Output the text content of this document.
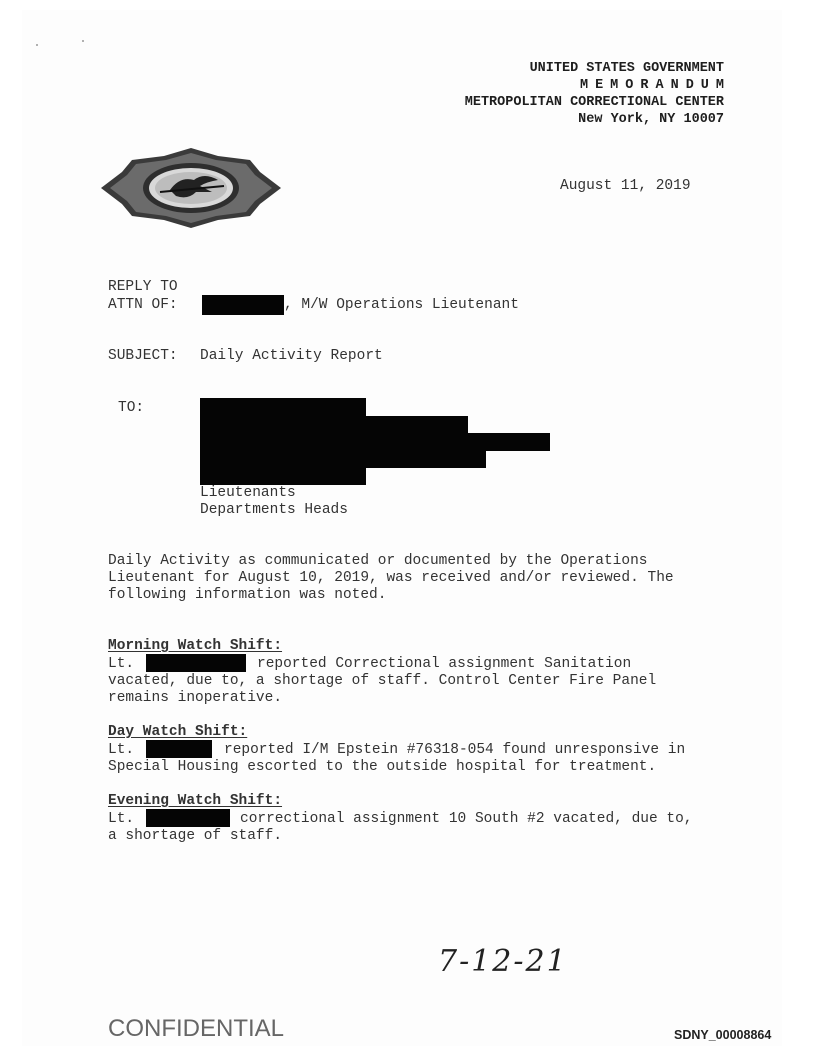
UNITED STATES GOVERNMENT
MEMORANDUM
METROPOLITAN CORRECTIONAL CENTER
New York, NY 10007
August 11, 2019
REPLY TO
ATTN OF:	, M/W Operations Lieutenant
SUBJECT: Daily Activity Report
TO:
Lieutenants
Departments Heads
Daily Activity as communicated or documented by the Operations
Lieutenant for August 10, 2019, was received and/or reviewed. The
following information was noted.
Morning Watch Shift:
Lt.	reported Correctional assignment Sanitation
vacated, due to, a shortage of staff. Control Center Fire Panel
remains inoperative.
Day Watch Shift:
Lt.	reported I/M Epstein #76318-054 found unresponsive in
Special Housing escorted to the outside hospital for treatment.
Evening Watch Shift:
Lt.	correctional assignment 10 South #2 vacated, due to,
a shortage of staff.
7-12-21
CONFIDENTIAL	SDNY_00008864
